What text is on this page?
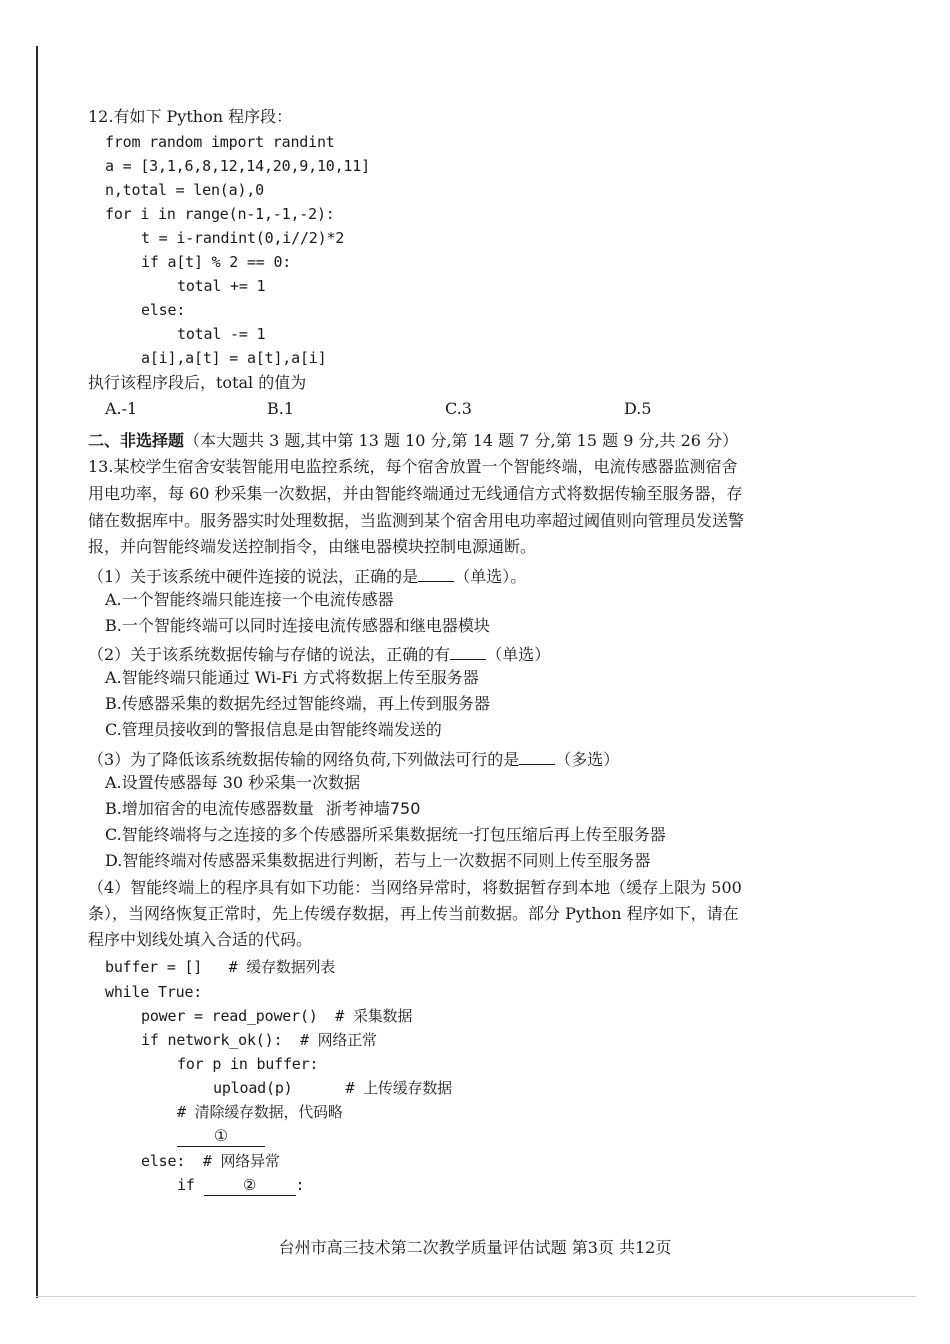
12.有如下 Python 程序段：
from random import randint
a = [3,1,6,8,12,14,20,9,10,11]
n,total = len(a),0
for i in range(n-1,-1,-2):
t = i-randint(0,i//2)*2
if a[t] % 2 == 0:
total += 1
else:
total -= 1
a[i],a[t] = a[t],a[i]
执行该程序段后，total 的值为
A.-1	B.1	C.3	D.5
二、非选择题（本大题共 3 题,其中第 13 题 10 分,第 14 题 7 分,第 15 题 9 分,共 26 分）
13.某校学生宿舍安装智能用电监控系统，每个宿舍放置一个智能终端，电流传感器监测宿舍
用电功率，每 60 秒采集一次数据，并由智能终端通过无线通信方式将数据传输至服务器，存
储在数据库中。服务器实时处理数据，当监测到某个宿舍用电功率超过阈值则向管理员发送警
报，并向智能终端发送控制指令，由继电器模块控制电源通断。
（1）关于该系统中硬件连接的说法，正确的是 （单选）。
A.一个智能终端只能连接一个电流传感器
B.一个智能终端可以同时连接电流传感器和继电器模块
（2）关于该系统数据传输与存储的说法，正确的有 （单选）
A.智能终端只能通过 Wi-Fi 方式将数据上传至服务器
B.传感器采集的数据先经过智能终端，再上传到服务器
C.管理员接收到的警报信息是由智能终端发送的
（3）为了降低该系统数据传输的网络负荷,下列做法可行的是 （多选）
A.设置传感器每 30 秒采集一次数据
B.增加宿舍的电流传感器数量 浙考神墙750
C.智能终端将与之连接的多个传感器所采集数据统一打包压缩后再上传至服务器
D.智能终端对传感器采集数据进行判断，若与上一次数据不同则上传至服务器
（4）智能终端上的程序具有如下功能：当网络异常时，将数据暂存到本地（缓存上限为 500
条），当网络恢复正常时，先上传缓存数据，再上传当前数据。部分 Python 程序如下，请在
程序中划线处填入合适的代码。
buffer = []   # 缓存数据列表
while True:
power = read_power()  # 采集数据
if network_ok():  # 网络正常
for p in buffer:
upload(p)      # 上传缓存数据
# 清除缓存数据，代码略
①
else:  # 网络异常
if	②	:
台州市高三技术第二次教学质量评估试题 第3页 共12页
